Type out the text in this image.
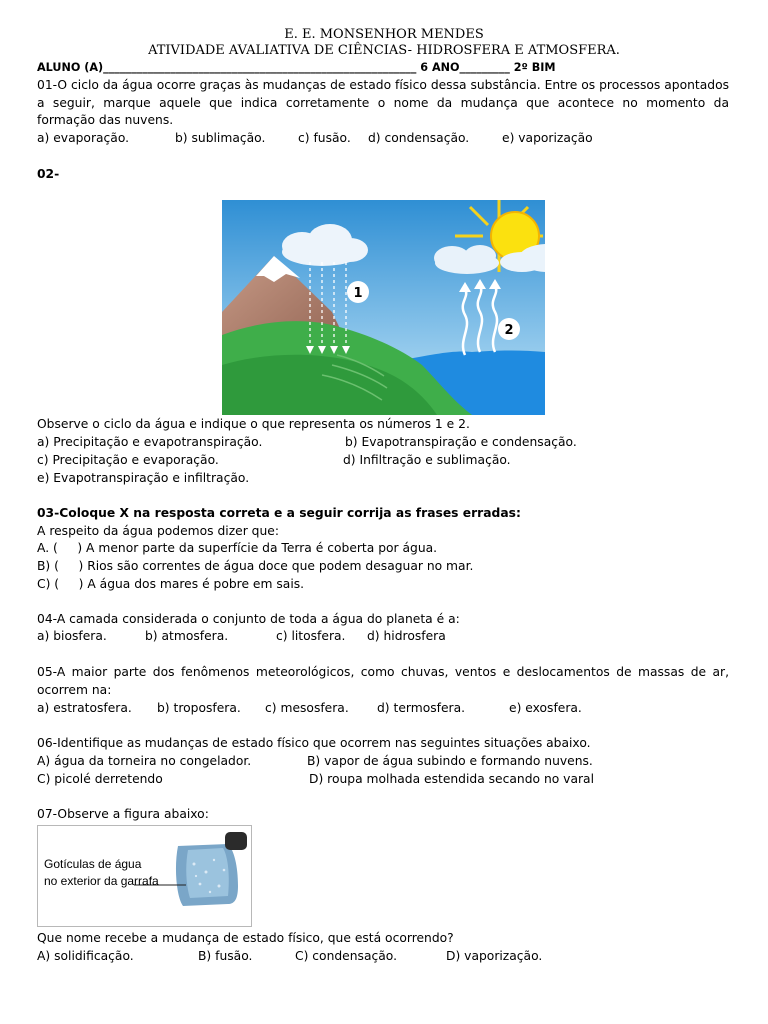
E. E. MONSENHOR MENDES
ATIVIDADE AVALIATIVA DE CIÊNCIAS- HIDROSFERA E ATMOSFERA.
ALUNO (A)________________________________________________________ 6 ANO_________ 2º BIM
01-O ciclo da água ocorre graças às mudanças de estado físico dessa substância. Entre os processos apontados
a seguir, marque aquele que indica corretamente o nome da mudança que acontece no momento da
formação das nuvens.
a) evaporação.	b) sublimação.	c) fusão. d) condensação.	e) vaporização
02-
1
2
Observe o ciclo da água e indique o que representa os números 1 e 2.
a) Precipitação e evapotranspiração.	b) Evapotranspiração e condensação.
c) Precipitação e evaporação.	d) Infiltração e sublimação.
e) Evapotranspiração e infiltração.
03-Coloque X na resposta correta e a seguir corrija as frases erradas:
A respeito da água podemos dizer que:
A. (     ) A menor parte da superfície da Terra é coberta por água.
B) (     ) Rios são correntes de água doce que podem desaguar no mar.
C) (     ) A água dos mares é pobre em sais.
04-A camada considerada o conjunto de toda a água do planeta é a:
a) biosfera.	b) atmosfera.	c) litosfera. d) hidrosfera
05-A maior parte dos fenômenos meteorológicos, como chuvas, ventos e deslocamentos de massas de ar,
ocorrem na:
a) estratosfera. b) troposfera. c) mesosfera. d) termosfera.	e) exosfera.
06-Identifique as mudanças de estado físico que ocorrem nas seguintes situações abaixo.
A) água da torneira no congelador.	B) vapor de água subindo e formando nuvens.
C) picolé derretendo	D) roupa molhada estendida secando no varal
07-Observe a figura abaixo:
Gotículas de água
no exterior da garrafa
Que nome recebe a mudança de estado físico, que está ocorrendo?
A) solidificação.	B) fusão.	C) condensação.	D) vaporização.
